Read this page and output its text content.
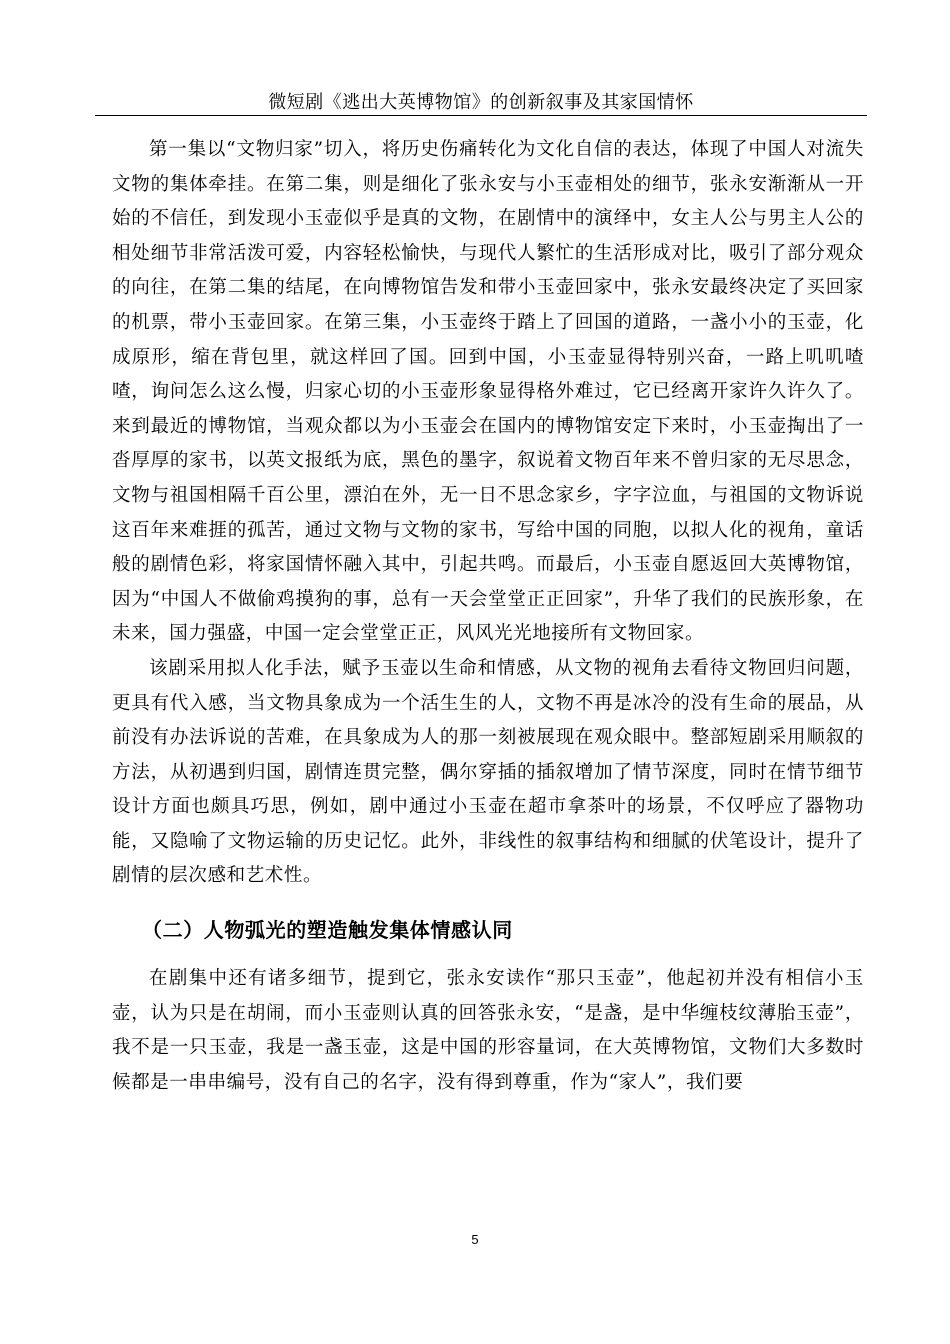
微短剧《逃出大英博物馆》的创新叙事及其家国情怀

第一集以“文物归家”切入，将历史伤痛转化为文化自信的表达，体现了中国人对流失文物的集体牵挂。在第二集，则是细化了张永安与小玉壶相处的细节，张永安渐渐从一开始的不信任，到发现小玉壶似乎是真的文物，在剧情中的演绎中，女主人公与男主人公的相处细节非常活泼可爱，内容轻松愉快，与现代人繁忙的生活形成对比，吸引了部分观众的向往，在第二集的结尾，在向博物馆告发和带小玉壶回家中，张永安最终决定了买回家的机票，带小玉壶回家。在第三集，小玉壶终于踏上了回国的道路，一盏小小的玉壶，化成原形，缩在背包里，就这样回了国。回到中国，小玉壶显得特别兴奋，一路上叽叽喳喳，询问怎么这么慢，归家心切的小玉壶形象显得格外难过，它已经离开家许久许久了。来到最近的博物馆，当观众都以为小玉壶会在国内的博物馆安定下来时，小玉壶掏出了一沓厚厚的家书，以英文报纸为底，黑色的墨字，叙说着文物百年来不曾归家的无尽思念，文物与祖国相隔千百公里，漂泊在外，无一日不思念家乡，字字泣血，与祖国的文物诉说这百年来难捱的孤苦，通过文物与文物的家书，写给中国的同胞，以拟人化的视角，童话般的剧情色彩，将家国情怀融入其中，引起共鸣。而最后，小玉壶自愿返回大英博物馆，因为“中国人不做偷鸡摸狗的事，总有一天会堂堂正正回家”，升华了我们的民族形象，在未来，国力强盛，中国一定会堂堂正正，风风光光地接所有文物回家。

该剧采用拟人化手法，赋予玉壶以生命和情感，从文物的视角去看待文物回归问题，更具有代入感，当文物具象成为一个活生生的人，文物不再是冰冷的没有生命的展品，从前没有办法诉说的苦难，在具象成为人的那一刻被展现在观众眼中。整部短剧采用顺叙的方法，从初遇到归国，剧情连贯完整，偶尔穿插的插叙增加了情节深度，同时在情节细节设计方面也颇具巧思，例如，剧中通过小玉壶在超市拿茶叶的场景，不仅呼应了器物功能，又隐喻了文物运输的历史记忆。此外，非线性的叙事结构和细腻的伏笔设计，提升了剧情的层次感和艺术性。

（二）人物弧光的塑造触发集体情感认同

在剧集中还有诸多细节，提到它，张永安读作“那只玉壶”，他起初并没有相信小玉壶，认为只是在胡闹，而小玉壶则认真的回答张永安，“是盏，是中华缠枝纹薄胎玉壶”，我不是一只玉壶，我是一盏玉壶，这是中国的形容量词，在大英博物馆，文物们大多数时候都是一串串编号，没有自己的名字，没有得到尊重，作为“家人”，我们要

5
